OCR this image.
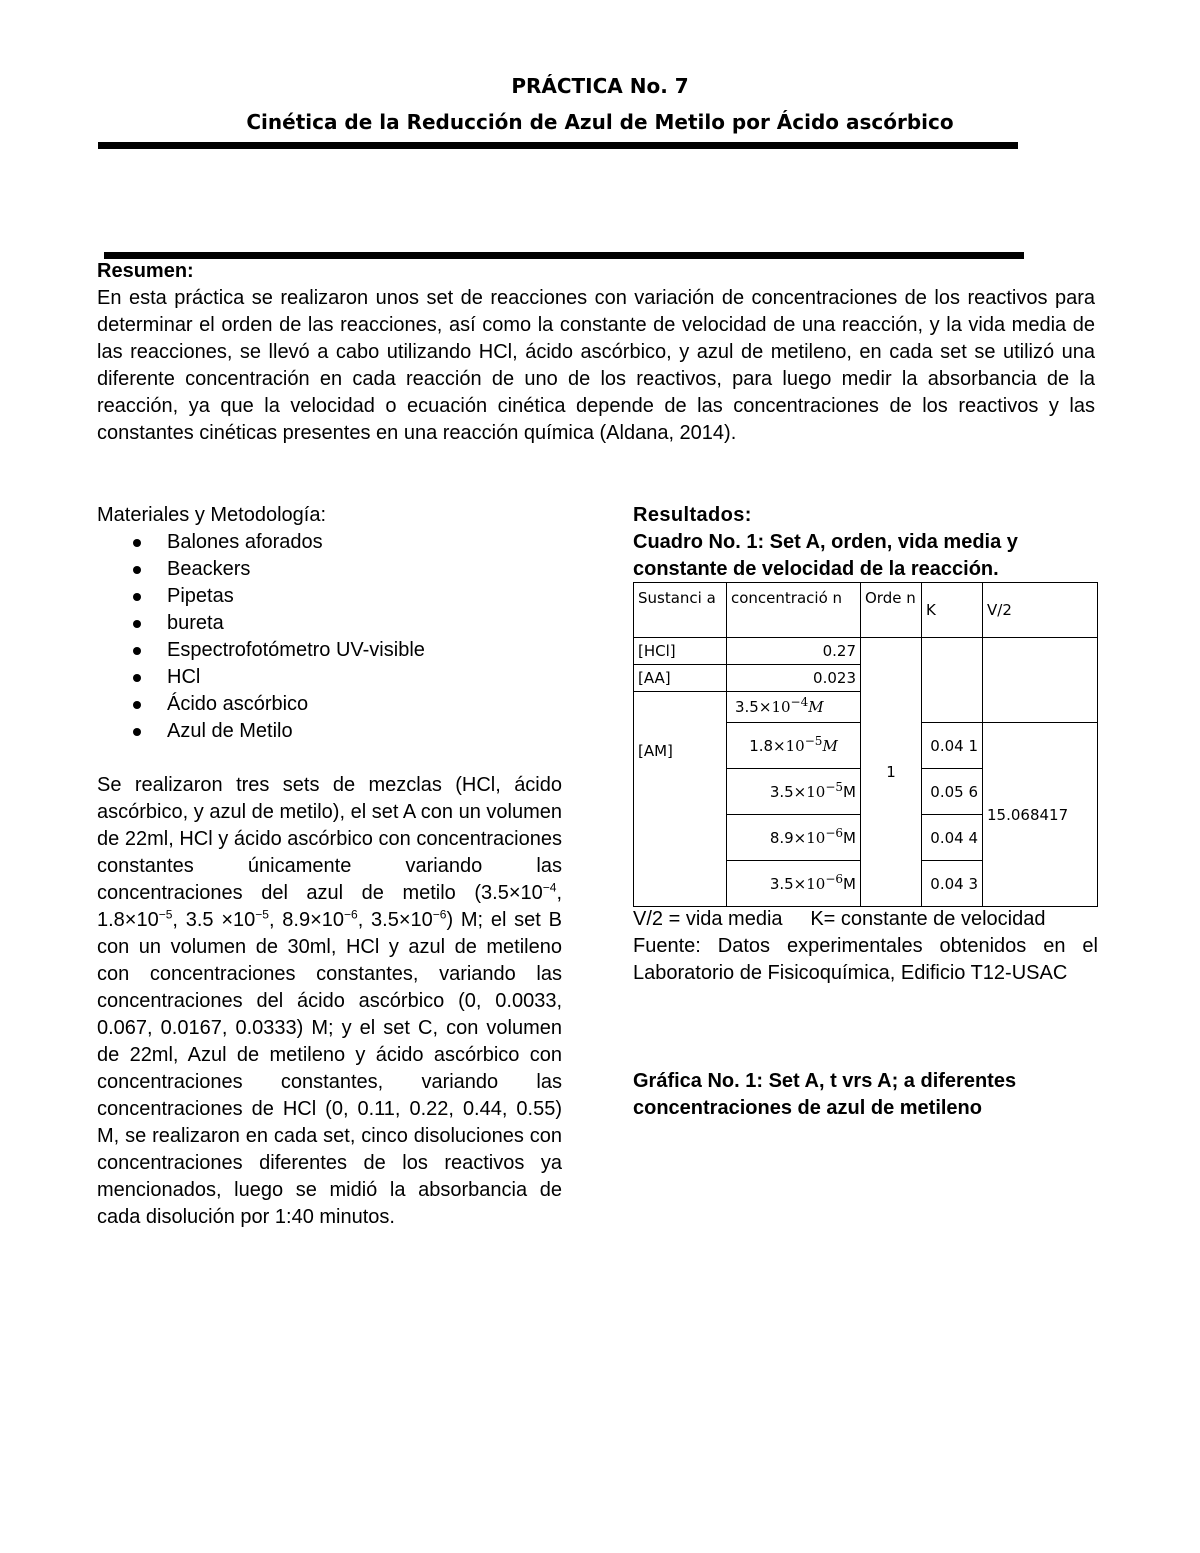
PRÁCTICA No. 7
Cinética de la Reducción de Azul de Metilo por Ácido ascórbico
Resumen:
En esta práctica se realizaron unos set de reacciones con variación de concentraciones de los reactivos para determinar el orden de las reacciones, así como la constante de velocidad de una reacción, y la vida media de las reacciones, se llevó a cabo utilizando HCl, ácido ascórbico, y azul de metileno, en cada set se utilizó una diferente concentración en cada reacción de uno de los reactivos, para luego medir la absorbancia de la reacción, ya que la velocidad o ecuación cinética depende de las concentraciones de los reactivos y las
constantes cinéticas presentes en una reacción química (Aldana, 2014).
Materiales y Metodología:
Balones aforados
Beackers
Pipetas
bureta
Espectrofotómetro UV-visible
HCl
Ácido ascórbico
Azul de Metilo
Se realizaron tres sets de mezclas (HCl, ácido ascórbico, y azul de metilo), el set A con un volumen de 22ml, HCl y ácido ascórbico con concentraciones constantes únicamente variando las concentraciones del azul de metilo ($3.5\times 10^{-4}$, $1.8\times 10^{-5}$, $3.5 \times 10^{-5}$, $8.9\times 10^{-6}$, $3.5\times 10^{-6}$) M; el set B con un volumen de 30ml, HCl y azul de metileno con concentraciones constantes, variando las concentraciones del ácido ascórbico (0, 0.0033, 0.067, 0.0167, 0.0333) M; y el set C, con volumen de 22ml, Azul de metileno y ácido ascórbico con concentraciones constantes, variando las concentraciones de HCl (0, 0.11, 0.22, 0.44, 0.55) M, se realizaron en cada set, cinco disoluciones con concentraciones diferentes de los reactivos ya mencionados, luego se midió la absorbancia de cada disolución por 1:40 minutos.
Resultados:
Cuadro No. 1: Set A, orden, vida media y constante de velocidad de la reacción.
Sustanci a	concentració n	Orde n	K	V/2
[HCl]	0.27	1		
[AA]	0.023			
[AM]	$3.5\times 10^{-4}M$			
	$1.8\times 10^{-5}M$		0.04 1	15.068417
	$3.5\times 10^{-5}M$		0.05 6	
	$8.9\times 10^{-6}M$		0.04 4	
	$3.5\times 10^{-6}M$		0.04 3	
V/2 = vida media     K= constante de velocidad
Fuente: Datos experimentales obtenidos en el Laboratorio de Fisicoquímica, Edificio T12-USAC
Gráfica No. 1: Set A, t vrs A; a diferentes concentraciones de azul de metileno
